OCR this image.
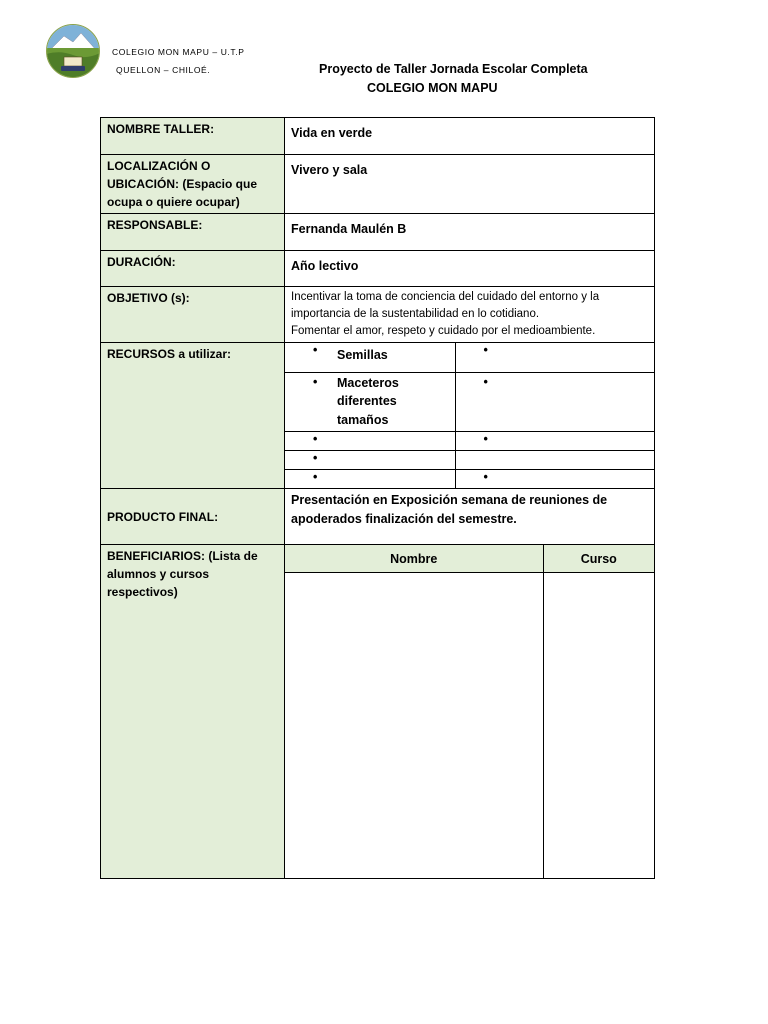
COLEGIO MON MAPU – U.T.P
QUELLON – CHILOÉ.	Proyecto de Taller Jornada Escolar Completa
COLEGIO MON MAPU
NOMBRE TALLER:	Vida en verde
LOCALIZACIÓN O UBICACIÓN: (Espacio que ocupa o quiere ocupar)	Vivero y sala
RESPONSABLE:	Fernanda Maulén B
DURACIÓN:	Año lectivo
OBJETIVO (s):	Incentivar la toma de conciencia del cuidado del entorno y la importancia de la sustentabilidad en lo cotidiano.
Fomentar el amor, respeto y cuidado por el medioambiente.

RECURSOS a utilizar:		•	Semillas	•

•	Maceteros diferentes tamaños

•

•	•

•

•	•

PRODUCTO FINAL:	Presentación en Exposición semana de reuniones de apoderados finalización del semestre.
BENEFICIARIOS: (Lista de alumnos y cursos respectivos)	
Nombre	Curso
